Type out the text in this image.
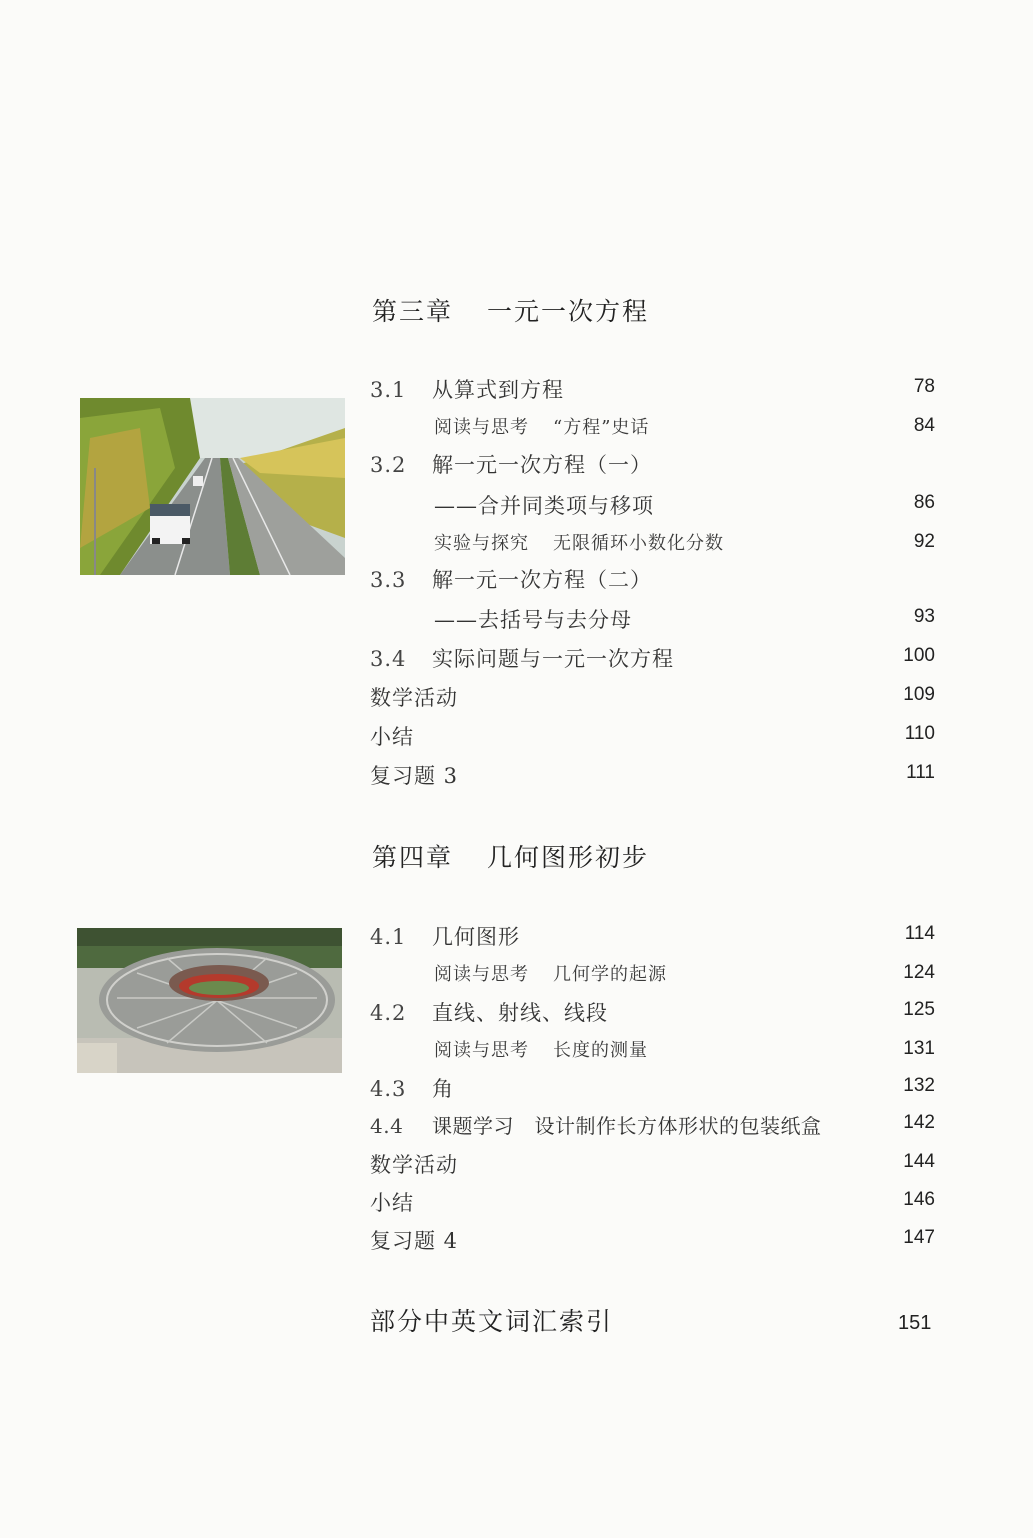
第三章 一元一次方程
3.1 从算式到方程	78
阅读与思考 “方程”史话	84
3.2 解一元一次方程（一）
——合并同类项与移项	86
实验与探究 无限循环小数化分数	92
3.3 解一元一次方程（二）
——去括号与去分母	93
3.4 实际问题与一元一次方程	100
数学活动	109
小结	110
复习题 3	111
第四章 几何图形初步
4.1 几何图形	114
阅读与思考 几何学的起源	124
4.2 直线、射线、线段	125
阅读与思考 长度的测量	131
4.3 角	132
4.4 课题学习　设计制作长方体形状的包装纸盒	142
数学活动	144
小结	146
复习题 4	147
部分中英文词汇索引	151
